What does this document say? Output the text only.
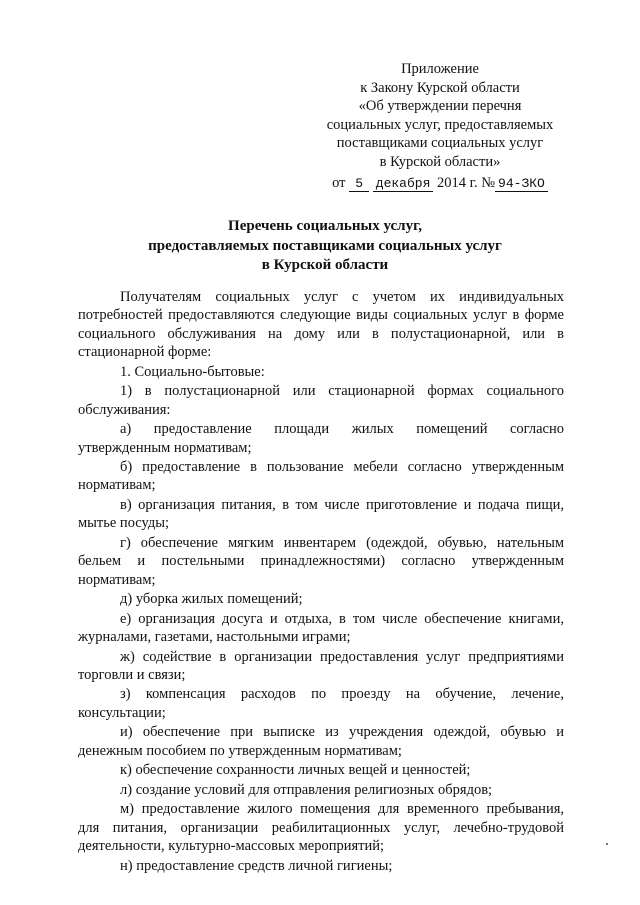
Приложение
к Закону Курской области
«Об утверждении перечня
социальных услуг, предоставляемых
поставщиками социальных услуг
в Курской области»
от 5 декабря 2014 г. № 94-ЗКО
Перечень социальных услуг,
предоставляемых поставщиками социальных услуг
в Курской области

Получателям социальных услуг с учетом их индивидуальных потребностей предоставляются следующие виды социальных услуг в форме социального обслуживания на дому или в полустационарной, или в стационарной форме:

1. Социально-бытовые:

1) в полустационарной или стационарной формах социального обслуживания:

а) предоставление площади жилых помещений согласно утвержденным нормативам;

б) предоставление в пользование мебели согласно утвержденным нормативам;

в) организация питания, в том числе приготовление и подача пищи, мытье посуды;

г) обеспечение мягким инвентарем (одеждой, обувью, нательным бельем и постельными принадлежностями) согласно утвержденным нормативам;

д) уборка жилых помещений;

е) организация досуга и отдыха, в том числе обеспечение книгами, журналами, газетами, настольными играми;

ж) содействие в организации предоставления услуг предприятиями торговли и связи;

з) компенсация расходов по проезду на обучение, лечение, консультации;

и) обеспечение при выписке из учреждения одеждой, обувью и денежным пособием по утвержденным нормативам;

к) обеспечение сохранности личных вещей и ценностей;

л) создание условий для отправления религиозных обрядов;

м) предоставление жилого помещения для временного пребывания, для питания, организации реабилитационных услуг, лечебно-трудовой деятельности, культурно-массовых мероприятий;

н) предоставление средств личной гигиены;
